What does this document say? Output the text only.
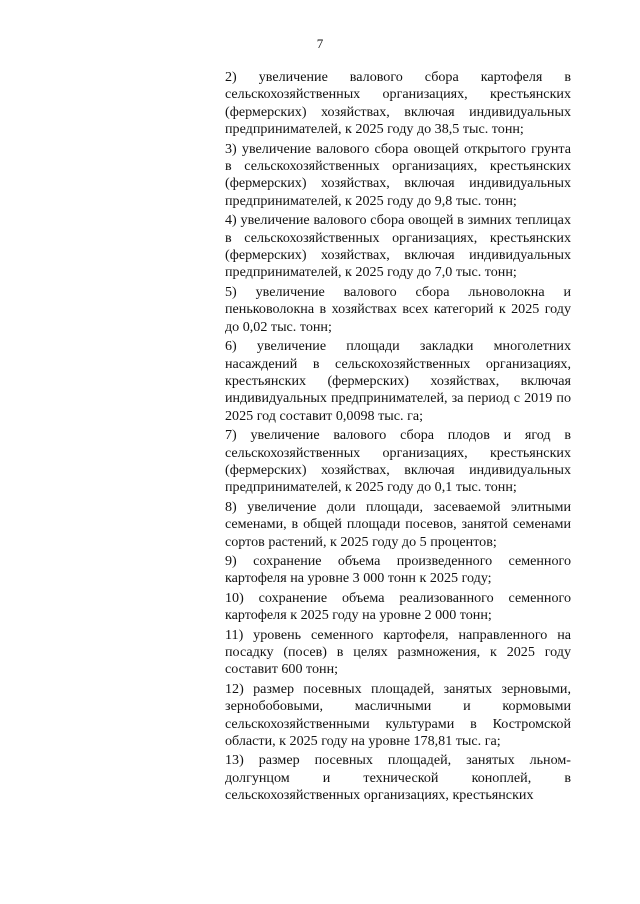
7

2) увеличение валового сбора картофеля в сельскохозяйственных организациях, крестьянских (фермерских) хозяйствах, включая индивидуальных предпринимателей, к 2025 году до 38,5 тыс. тонн;

3) увеличение валового сбора овощей открытого грунта в сельскохозяйственных организациях, крестьянских (фермерских) хозяйствах, включая индивидуальных предпринимателей, к 2025 году до 9,8 тыс. тонн;

4) увеличение валового сбора овощей в зимних теплицах в сельскохозяйственных организациях, крестьянских (фермерских) хозяйствах, включая индивидуальных предпринимателей, к 2025 году до 7,0 тыс. тонн;

5) увеличение валового сбора льноволокна и пеньковолокна в хозяйствах всех категорий к 2025 году до 0,02 тыс. тонн;

6) увеличение площади закладки многолетних насаждений в сельскохозяйственных организациях, крестьянских (фермерских) хозяйствах, включая индивидуальных предпринимателей, за период с 2019 по 2025 год составит 0,0098 тыс. га;

7) увеличение валового сбора плодов и ягод в сельскохозяйственных организациях, крестьянских (фермерских) хозяйствах, включая индивидуальных предпринимателей, к 2025 году до 0,1 тыс. тонн;

8) увеличение доли площади, засеваемой элитными семенами, в общей площади посевов, занятой семенами сортов растений, к 2025 году до 5 процентов;

9) сохранение объема произведенного семенного картофеля на уровне 3 000 тонн к 2025 году;

10) сохранение объема реализованного семенного картофеля к 2025 году на уровне 2 000 тонн;

11) уровень семенного картофеля, направленного на посадку (посев) в целях размножения, к 2025 году составит 600 тонн;

12) размер посевных площадей, занятых зерновыми, зернобобовыми, масличными и кормовыми сельскохозяйственными культурами в Костромской области, к 2025 году на уровне 178,81 тыс. га;

13) размер посевных площадей, занятых льном-долгунцом и технической коноплей, в сельскохозяйственных организациях, крестьянских
